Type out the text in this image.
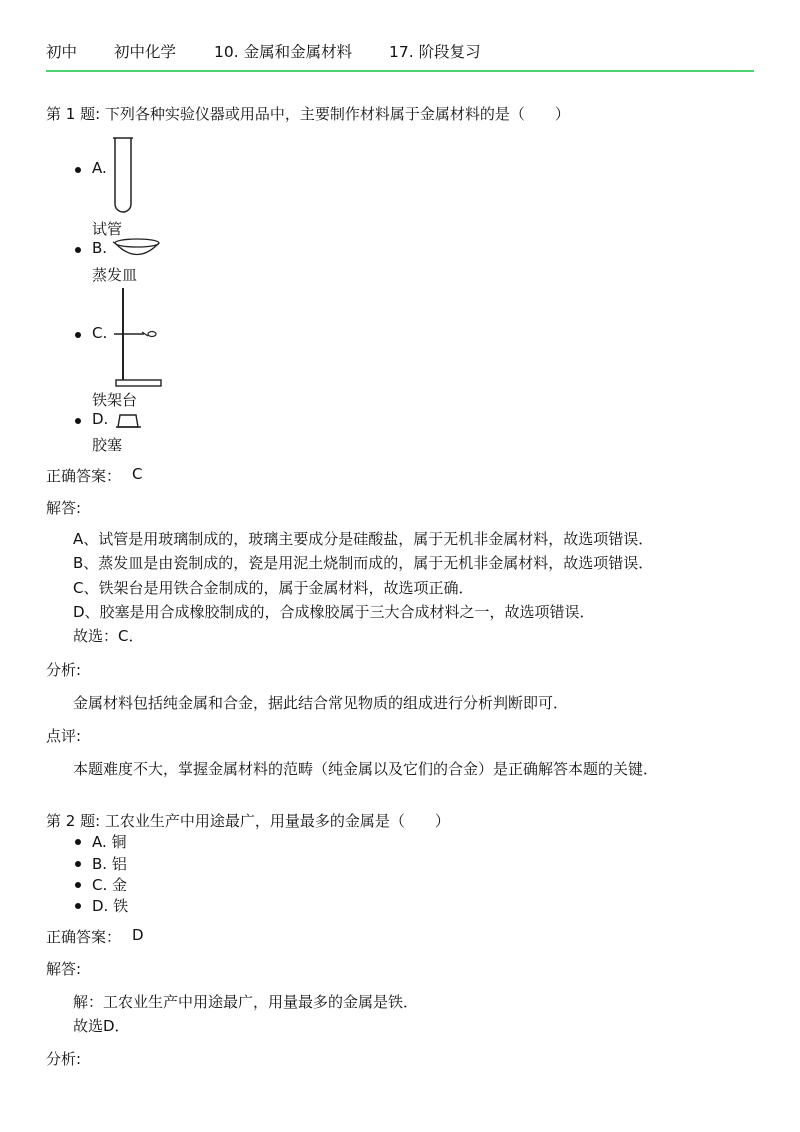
初中 初中化学 10. 金属和金属材料 17. 阶段复习
第 1 题: 下列各种实验仪器或用品中，主要制作材料属于金属材料的是（　　）
A.
试管
B.
蒸发皿
C.
铁架台
D.
胶塞
正确答案： C
解答:
A、试管是用玻璃制成的，玻璃主要成分是硅酸盐，属于无机非金属材料，故选项错误．
B、蒸发皿是由瓷制成的，瓷是用泥土烧制而成的，属于无机非金属材料，故选项错误．
C、铁架台是用铁合金制成的，属于金属材料，故选项正确．
D、胶塞是用合成橡胶制成的，合成橡胶属于三大合成材料之一，故选项错误．
故选：C．
分析:
金属材料包括纯金属和合金，据此结合常见物质的组成进行分析判断即可．
点评:
本题难度不大，掌握金属材料的范畴（纯金属以及它们的合金）是正确解答本题的关键．
第 2 题: 工农业生产中用途最广，用量最多的金属是（　　）
A. 铜
B. 铝
C. 金
D. 铁
正确答案： D
解答:
解：工农业生产中用途最广，用量最多的金属是铁．
故选D．
分析:
